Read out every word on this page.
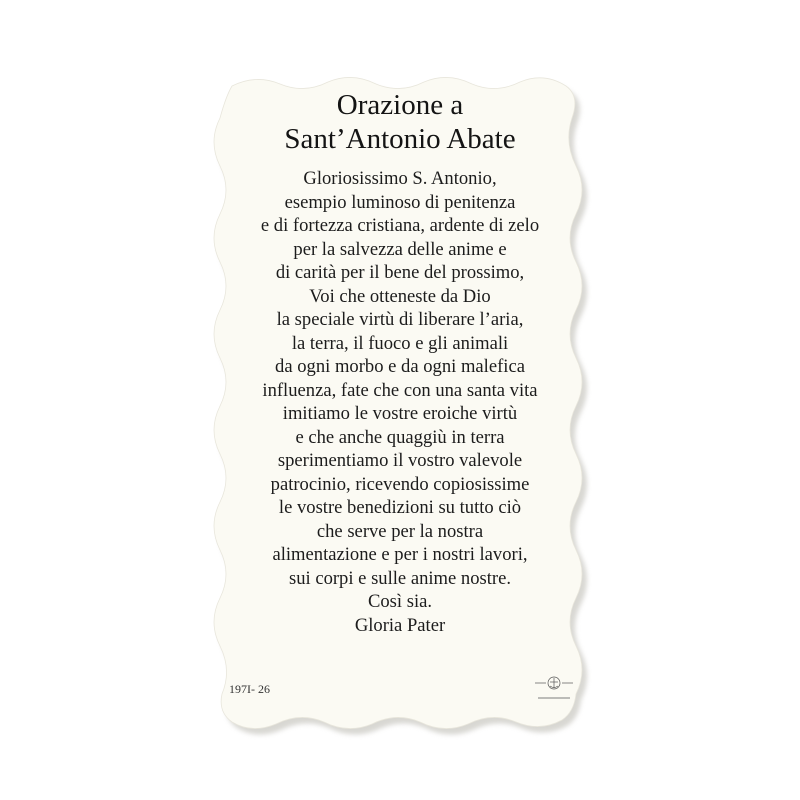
Orazione a
Sant’Antonio Abate
Gloriosissimo S. Antonio,
esempio luminoso di penitenza
e di fortezza cristiana, ardente di zelo
per la salvezza delle anime e
di carità per il bene del prossimo,
Voi che otteneste da Dio
la speciale virtù di liberare l’aria,
la terra, il fuoco e gli animali
da ogni morbo e da ogni malefica
influenza, fate che con una santa vita
imitiamo le vostre eroiche virtù
e che anche quaggiù in terra
sperimentiamo il vostro valevole
patrocinio, ricevendo copiosissime
le vostre benedizioni su tutto ciò
che serve per la nostra
alimentazione e per i nostri lavori,
sui corpi e sulle anime nostre.
Così sia.
Gloria Pater
197I- 26
